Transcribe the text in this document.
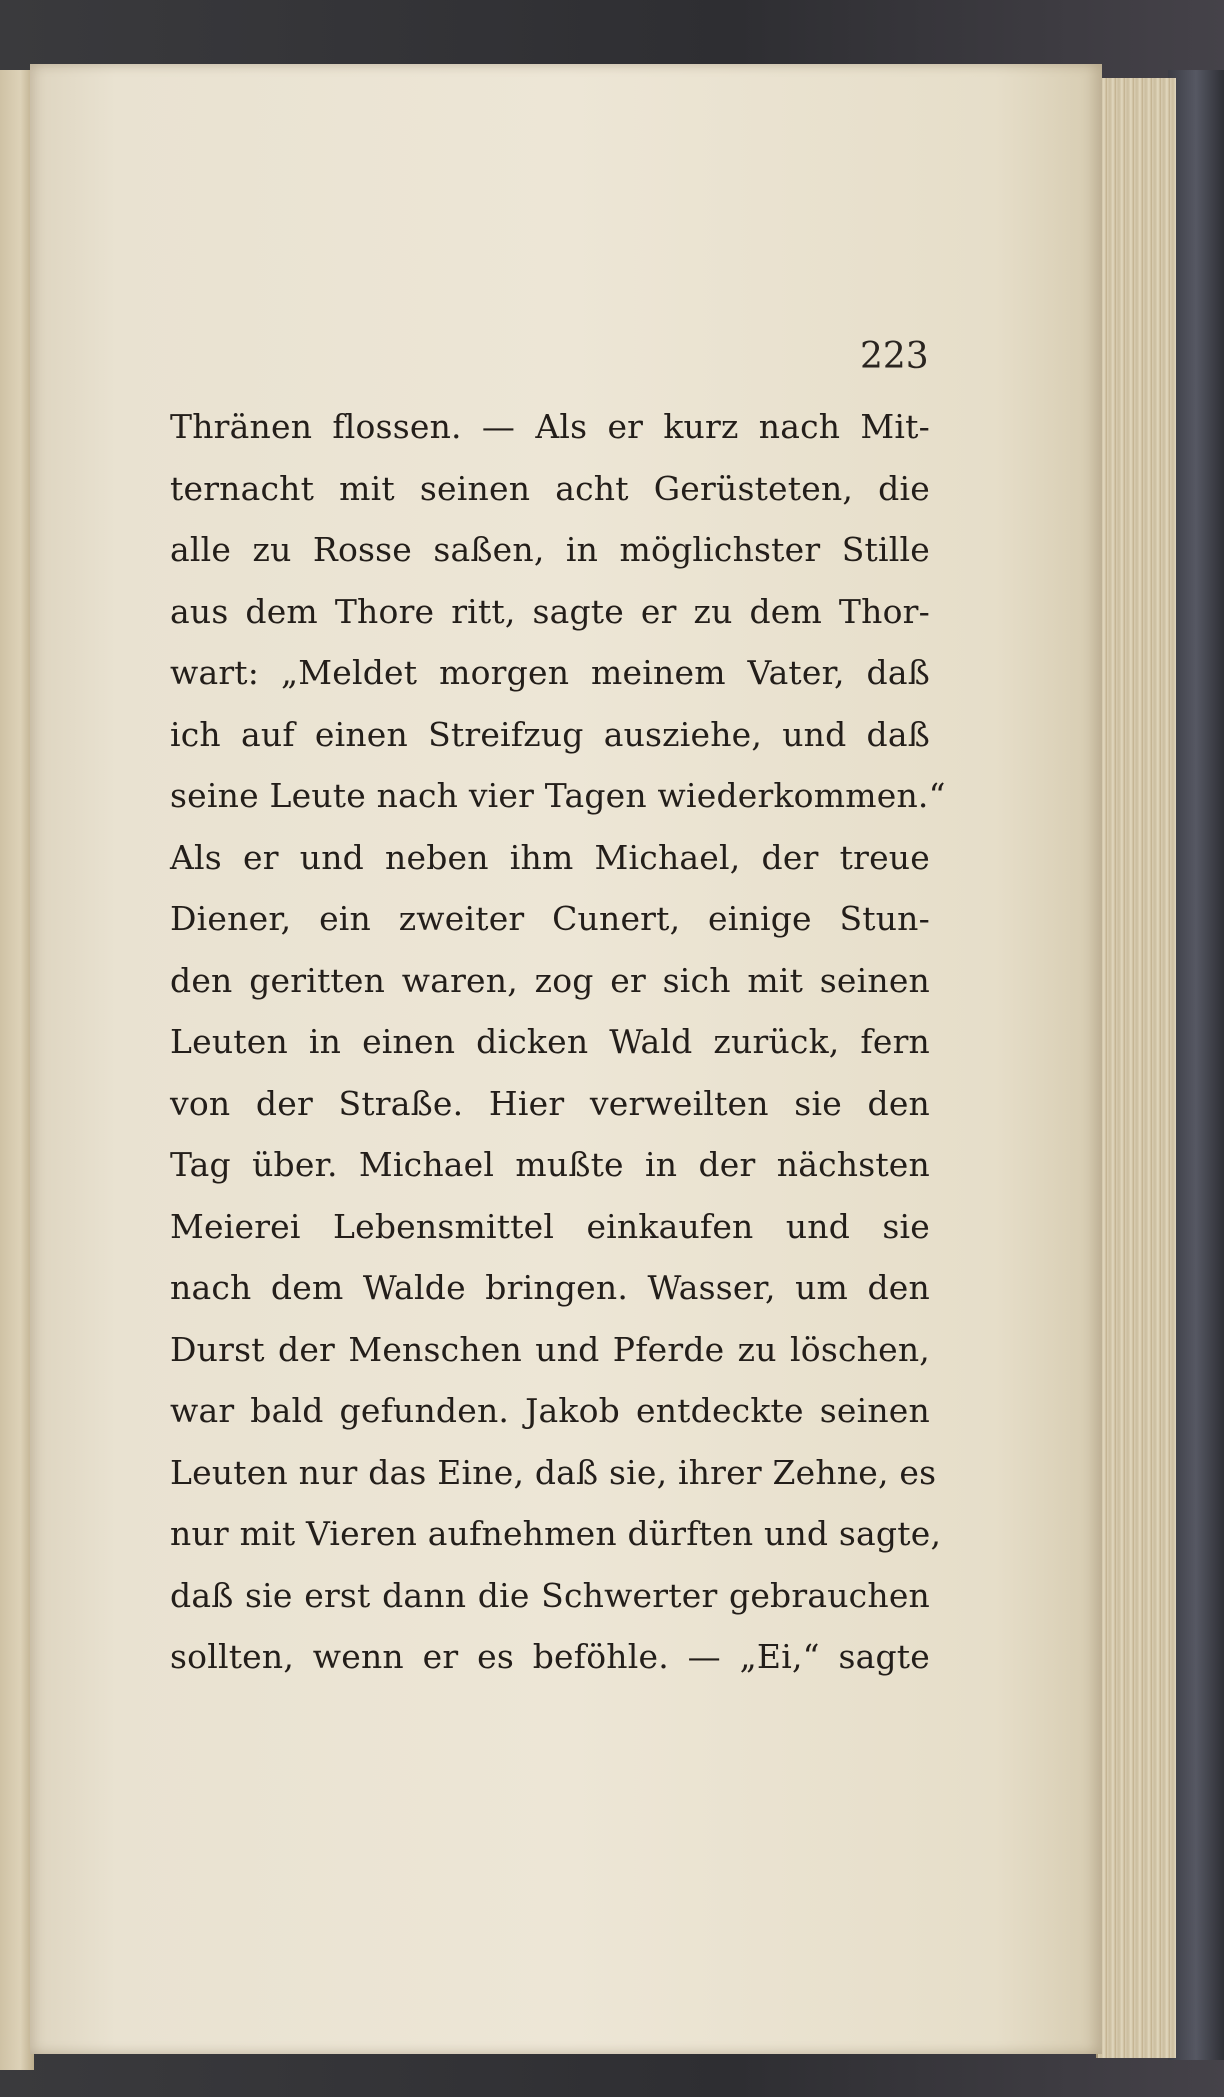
223
Thränen flossen. — Als er kurz nach Mit-
ternacht mit seinen acht Gerüsteten, die
alle zu Rosse saßen, in möglichster Stille
aus dem Thore ritt, sagte er zu dem Thor-
wart: „Meldet morgen meinem Vater, daß
ich auf einen Streifzug ausziehe, und daß
seine Leute nach vier Tagen wiederkommen.“
Als er und neben ihm Michael, der treue
Diener, ein zweiter Cunert, einige Stun-
den geritten waren, zog er sich mit seinen
Leuten in einen dicken Wald zurück, fern
von der Straße. Hier verweilten sie den
Tag über. Michael mußte in der nächsten
Meierei Lebensmittel einkaufen und sie
nach dem Walde bringen. Wasser, um den
Durst der Menschen und Pferde zu löschen,
war bald gefunden. Jakob entdeckte seinen
Leuten nur das Eine, daß sie, ihrer Zehne, es
nur mit Vieren aufnehmen dürften und sagte,
daß sie erst dann die Schwerter gebrauchen
sollten, wenn er es beföhle. — „Ei,“ sagte
